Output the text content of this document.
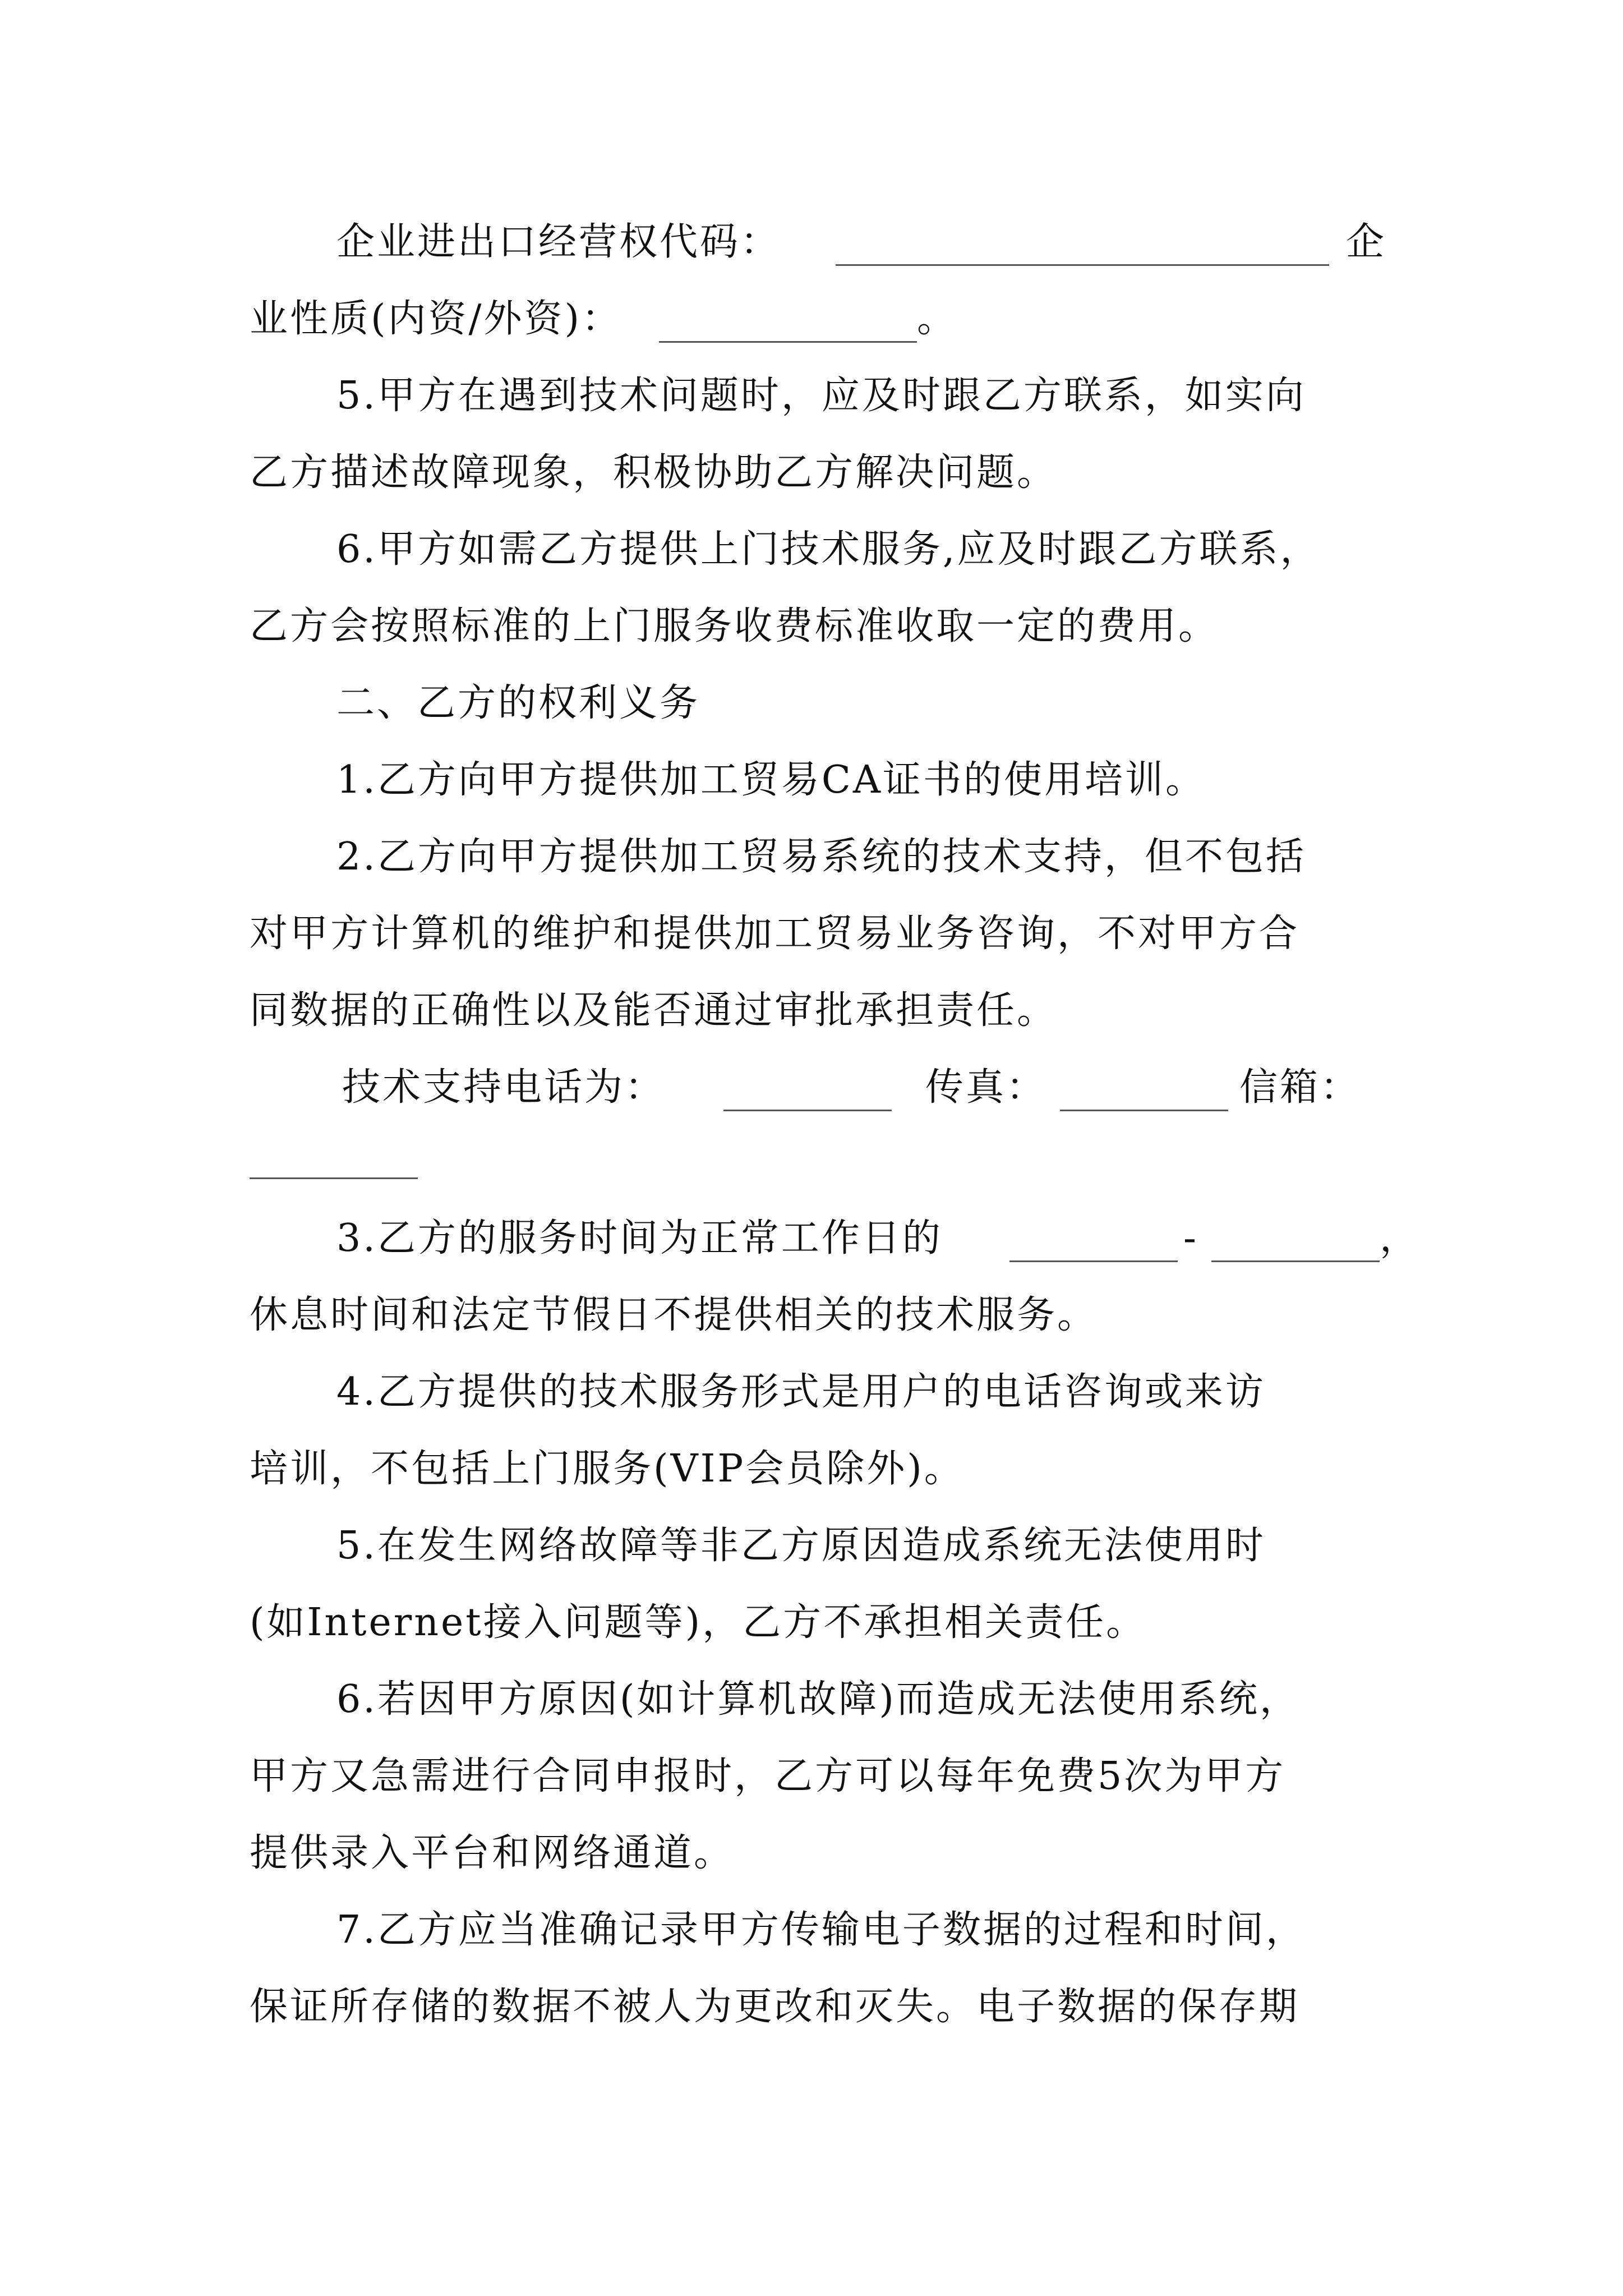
企业进出口经营权代码：	企
业性质(内资/外资)：	。
5.甲方在遇到技术问题时，应及时跟乙方联系，如实向
乙方描述故障现象，积极协助乙方解决问题。
6.甲方如需乙方提供上门技术服务,应及时跟乙方联系，
乙方会按照标准的上门服务收费标准收取一定的费用。
二、乙方的权利义务
1.乙方向甲方提供加工贸易CA证书的使用培训。
2.乙方向甲方提供加工贸易系统的技术支持，但不包括
对甲方计算机的维护和提供加工贸易业务咨询，不对甲方合
同数据的正确性以及能否通过审批承担责任。
技术支持电话为：	传真：	信箱：
3.乙方的服务时间为正常工作日的	-	，
休息时间和法定节假日不提供相关的技术服务。
4.乙方提供的技术服务形式是用户的电话咨询或来访
培训，不包括上门服务(VIP会员除外)。
5.在发生网络故障等非乙方原因造成系统无法使用时
(如Internet接入问题等)，乙方不承担相关责任。
6.若因甲方原因(如计算机故障)而造成无法使用系统，
甲方又急需进行合同申报时，乙方可以每年免费5次为甲方
提供录入平台和网络通道。
7.乙方应当准确记录甲方传输电子数据的过程和时间，
保证所存储的数据不被人为更改和灭失。电子数据的保存期
